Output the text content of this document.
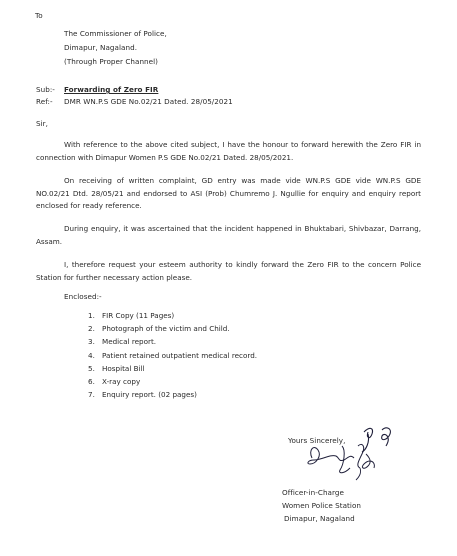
To
The Commissioner of Police,
Dimapur, Nagaland.
(Through Proper Channel)
Sub:- Forwarding of Zero FIR
Ref:- DMR WN.P.S GDE No.02/21 Dated. 28/05/2021
Sir,
With reference to the above cited subject, I have the honour to forward herewith the Zero FIR in connection with Dimapur Women P.S GDE No.02/21 Dated. 28/05/2021.
On receiving of written complaint, GD entry was made vide WN.P.S GDE vide WN.P.S GDE NO.02/21 Dtd. 28/05/21 and endorsed to ASI (Prob) Chumremo J. Ngullie for enquiry and enquiry report enclosed for ready reference.
During enquiry, it was ascertained that the incident happened in Bhuktabari, Shivbazar, Darrang, Assam.
I, therefore request your esteem authority to kindly forward the Zero FIR to the concern Police Station for further necessary action please.
Enclosed:-
1. FIR Copy (11 Pages)
2. Photograph of the victim and Child.
3. Medical report.
4. Patient retained outpatient medical record.
5. Hospital Bill
6. X-ray copy
7. Enquiry report. (02 pages)
Yours Sincerely,
Officer-in-Charge
Women Police Station
Dimapur, Nagaland
